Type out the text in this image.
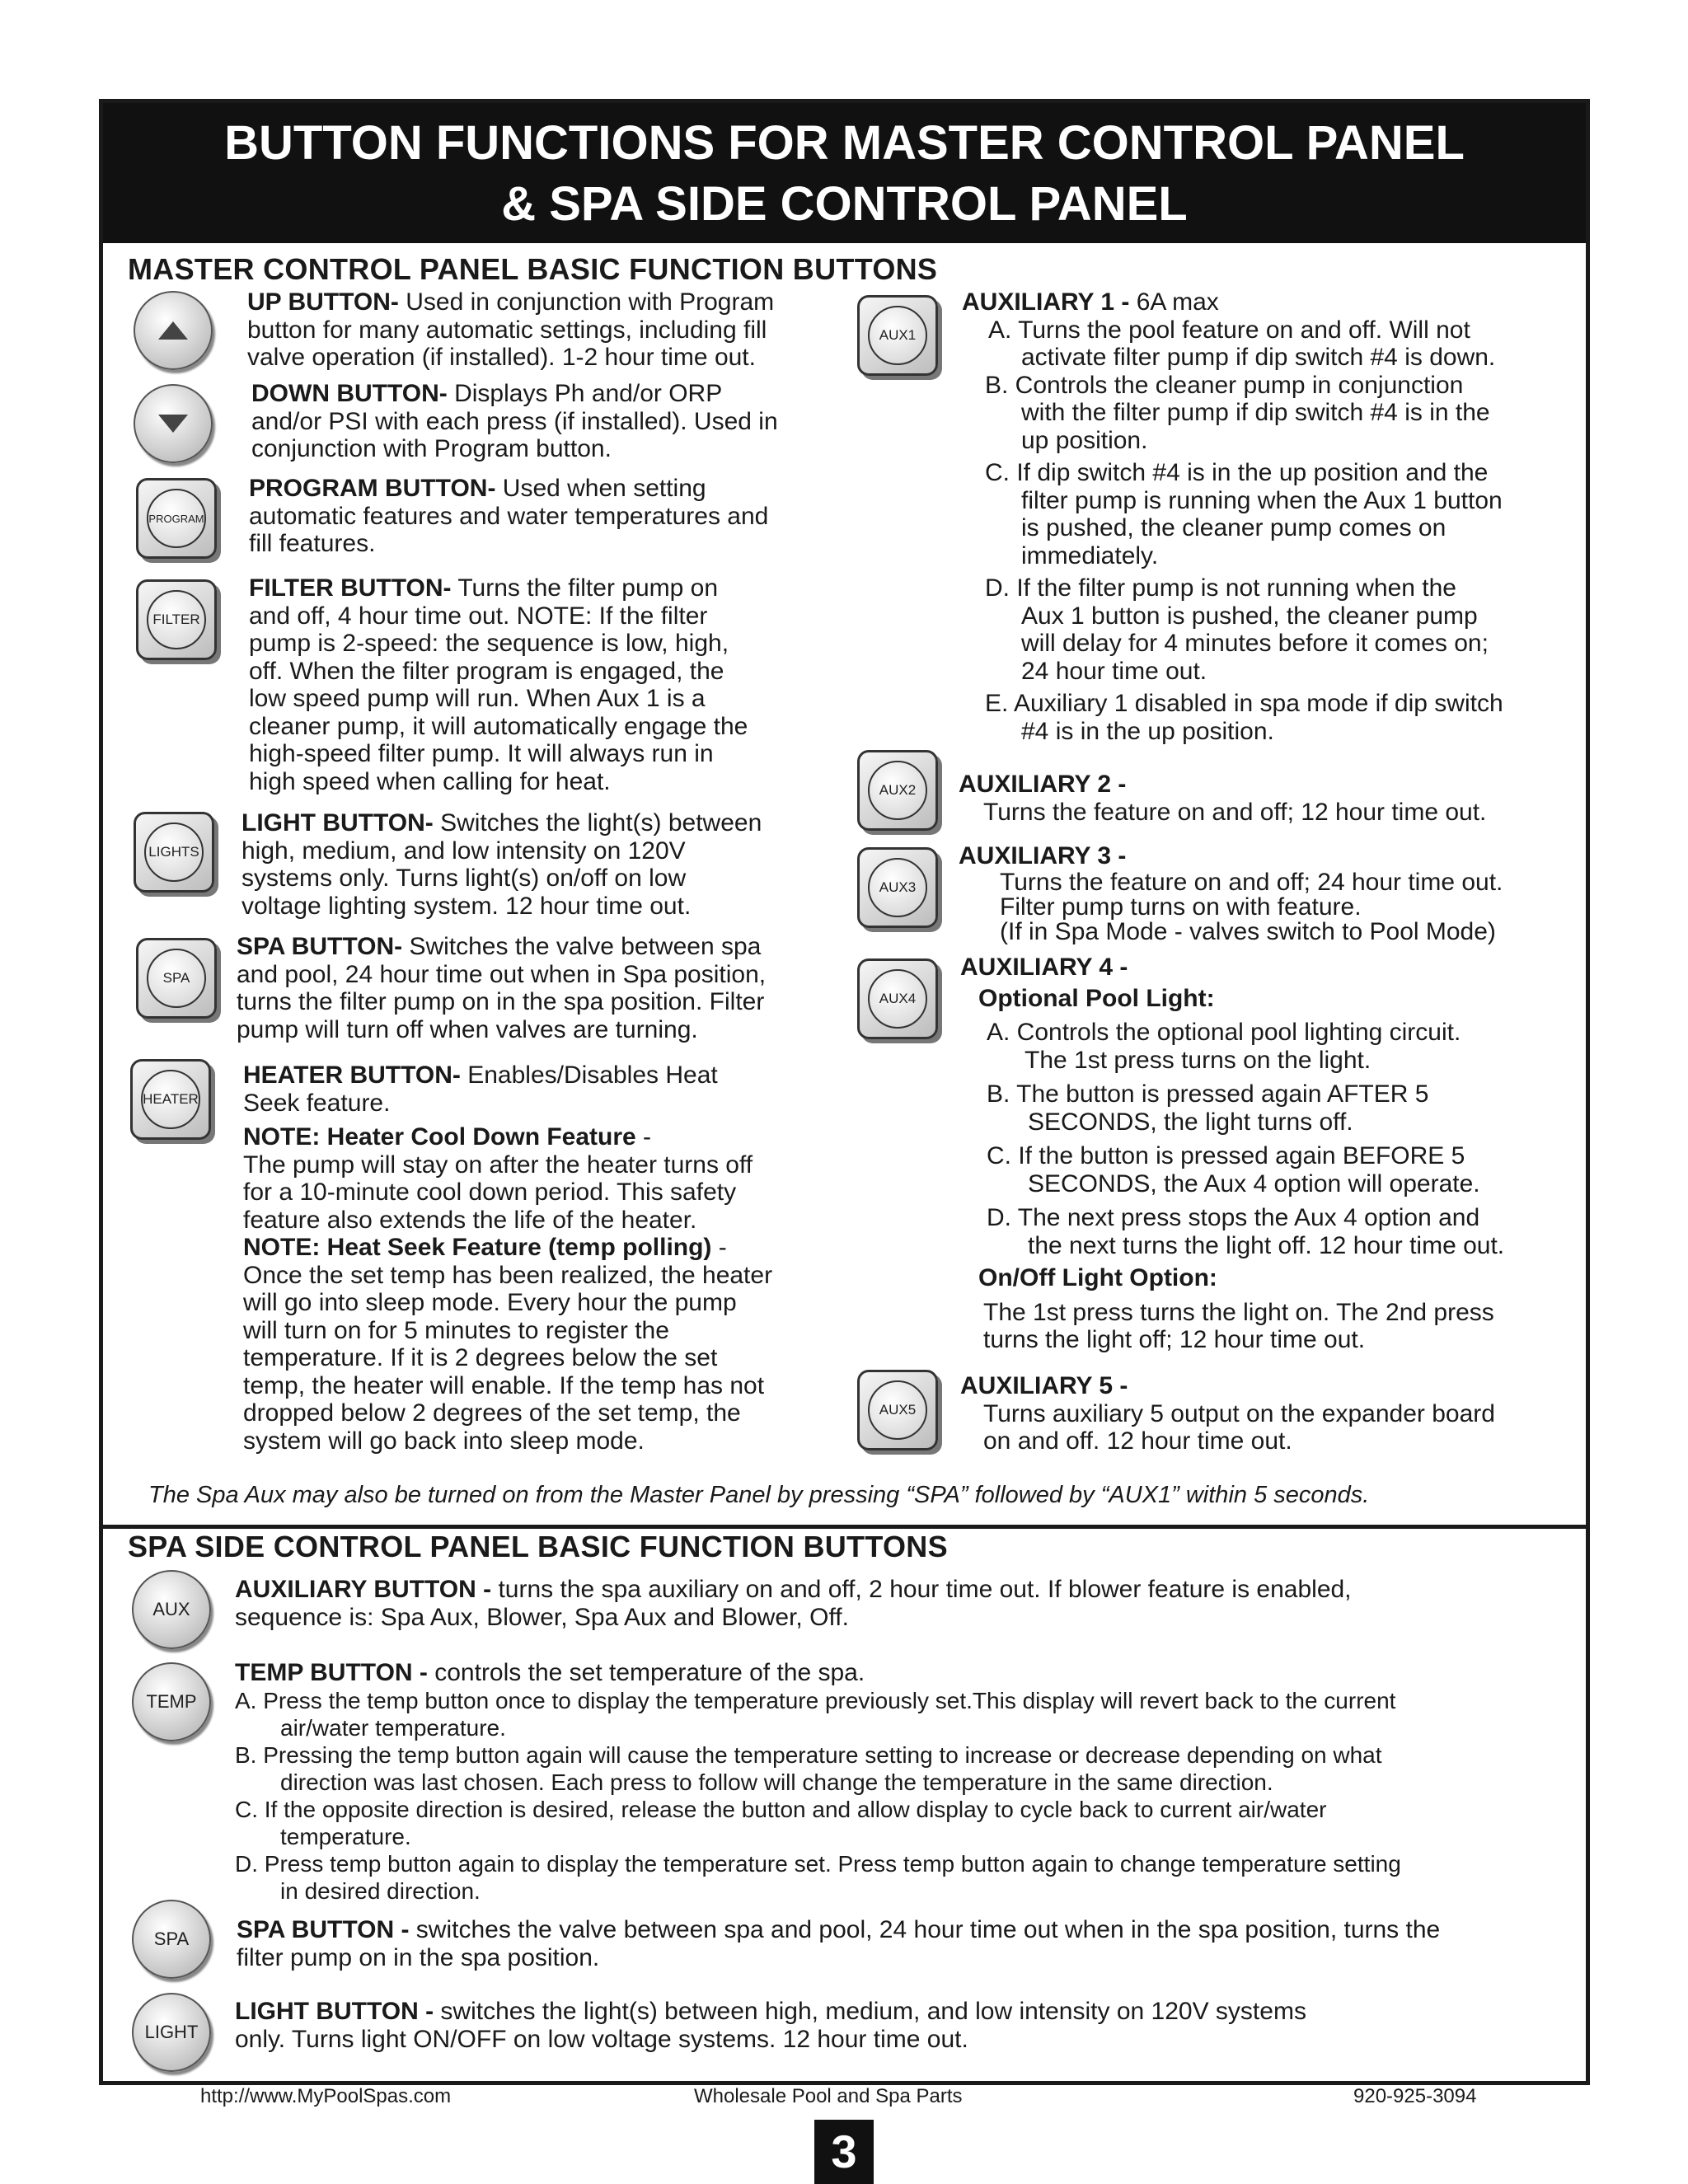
BUTTON FUNCTIONS FOR MASTER CONTROL PANEL
& SPA SIDE CONTROL PANEL
MASTER CONTROL PANEL BASIC FUNCTION BUTTONS
PROGRAM
FILTER
LIGHTS
SPA
HEATER
AUX1
AUX2
AUX3
AUX4
AUX5
UP BUTTON- Used in conjunction with Program
button for many automatic settings, including fill
valve operation (if installed). 1-2 hour time out.
DOWN BUTTON- Displays Ph and/or ORP
and/or PSI with each press (if installed). Used in
conjunction with Program button.
PROGRAM BUTTON- Used when setting
automatic features and water temperatures and
fill features.
FILTER BUTTON- Turns the filter pump on
and off, 4 hour time out. NOTE: If the filter
pump is 2-speed: the sequence is low, high,
off. When the filter program is engaged, the
low speed pump will run. When Aux 1 is a
cleaner pump, it will automatically engage the
high-speed filter pump. It will always run in
high speed when calling for heat.
LIGHT BUTTON- Switches the light(s) between
high, medium, and low intensity on 120V
systems only. Turns light(s) on/off on low
voltage lighting system. 12 hour time out.
SPA BUTTON- Switches the valve between spa
and pool, 24 hour time out when in Spa position,
turns the filter pump on in the spa position. Filter
pump will turn off when valves are turning.
HEATER BUTTON- Enables/Disables Heat
Seek feature.
NOTE: Heater Cool Down Feature -
The pump will stay on after the heater turns off
for a 10-minute cool down period. This safety
feature also extends the life of the heater.
NOTE: Heat Seek Feature (temp polling) -
Once the set temp has been realized, the heater
will go into sleep mode. Every hour the pump
will turn on for 5 minutes to register the
temperature. If it is 2 degrees below the set
temp, the heater will enable. If the temp has not
dropped below 2 degrees of the set temp, the
system will go back into sleep mode.
AUXILIARY 1 - 6A max
A. Turns the pool feature on and off. Will not
activate filter pump if dip switch #4 is down.
B. Controls the cleaner pump in conjunction
with the filter pump if dip switch #4 is in the
up position.
C. If dip switch #4 is in the up position and the
filter pump is running when the Aux 1 button
is pushed, the cleaner pump comes on
immediately.
D. If the filter pump is not running when the
Aux 1 button is pushed, the cleaner pump
will delay for 4 minutes before it comes on;
24 hour time out.
E. Auxiliary 1 disabled in spa mode if dip switch
#4 is in the up position.
AUXILIARY 2 -
Turns the feature on and off; 12 hour time out.
AUXILIARY 3 -
Turns the feature on and off; 24 hour time out.
Filter pump turns on with feature.
(If in Spa Mode - valves switch to Pool Mode)
AUXILIARY 4 -
Optional Pool Light:
A. Controls the optional pool lighting circuit.
The 1st press turns on the light.
B. The button is pressed again AFTER 5
SECONDS, the light turns off.
C. If the button is pressed again BEFORE 5
SECONDS, the Aux 4 option will operate.
D. The next press stops the Aux 4 option and
the next turns the light off. 12 hour time out.
On/Off Light Option:
The 1st press turns the light on. The 2nd press
turns the light off; 12 hour time out.
AUXILIARY 5 -
Turns auxiliary 5 output on the expander board
on and off. 12 hour time out.
The Spa Aux may also be turned on from the Master Panel by pressing “SPA” followed by “AUX1” within 5 seconds.
SPA SIDE CONTROL PANEL BASIC FUNCTION BUTTONS
AUX
TEMP
SPA
LIGHT
AUXILIARY BUTTON - turns the spa auxiliary on and off, 2 hour time out. If blower feature is enabled,
sequence is: Spa Aux, Blower, Spa Aux and Blower, Off.
TEMP BUTTON - controls the set temperature of the spa.
A. Press the temp button once to display the temperature previously set.This display will revert back to the current
air/water temperature.
B. Pressing the temp button again will cause the temperature setting to increase or decrease depending on what
direction was last chosen. Each press to follow will change the temperature in the same direction.
C. If the opposite direction is desired, release the button and allow display to cycle back to current air/water
temperature.
D. Press temp button again to display the temperature set. Press temp button again to change temperature setting
in desired direction.
SPA BUTTON - switches the valve between spa and pool, 24 hour time out when in the spa position, turns the
filter pump on in the spa position.
LIGHT BUTTON - switches the light(s) between high, medium, and low intensity on 120V systems
only. Turns light ON/OFF on low voltage systems. 12 hour time out.
http://www.MyPoolSpas.com	Wholesale Pool and Spa Parts	920-925-3094
3
